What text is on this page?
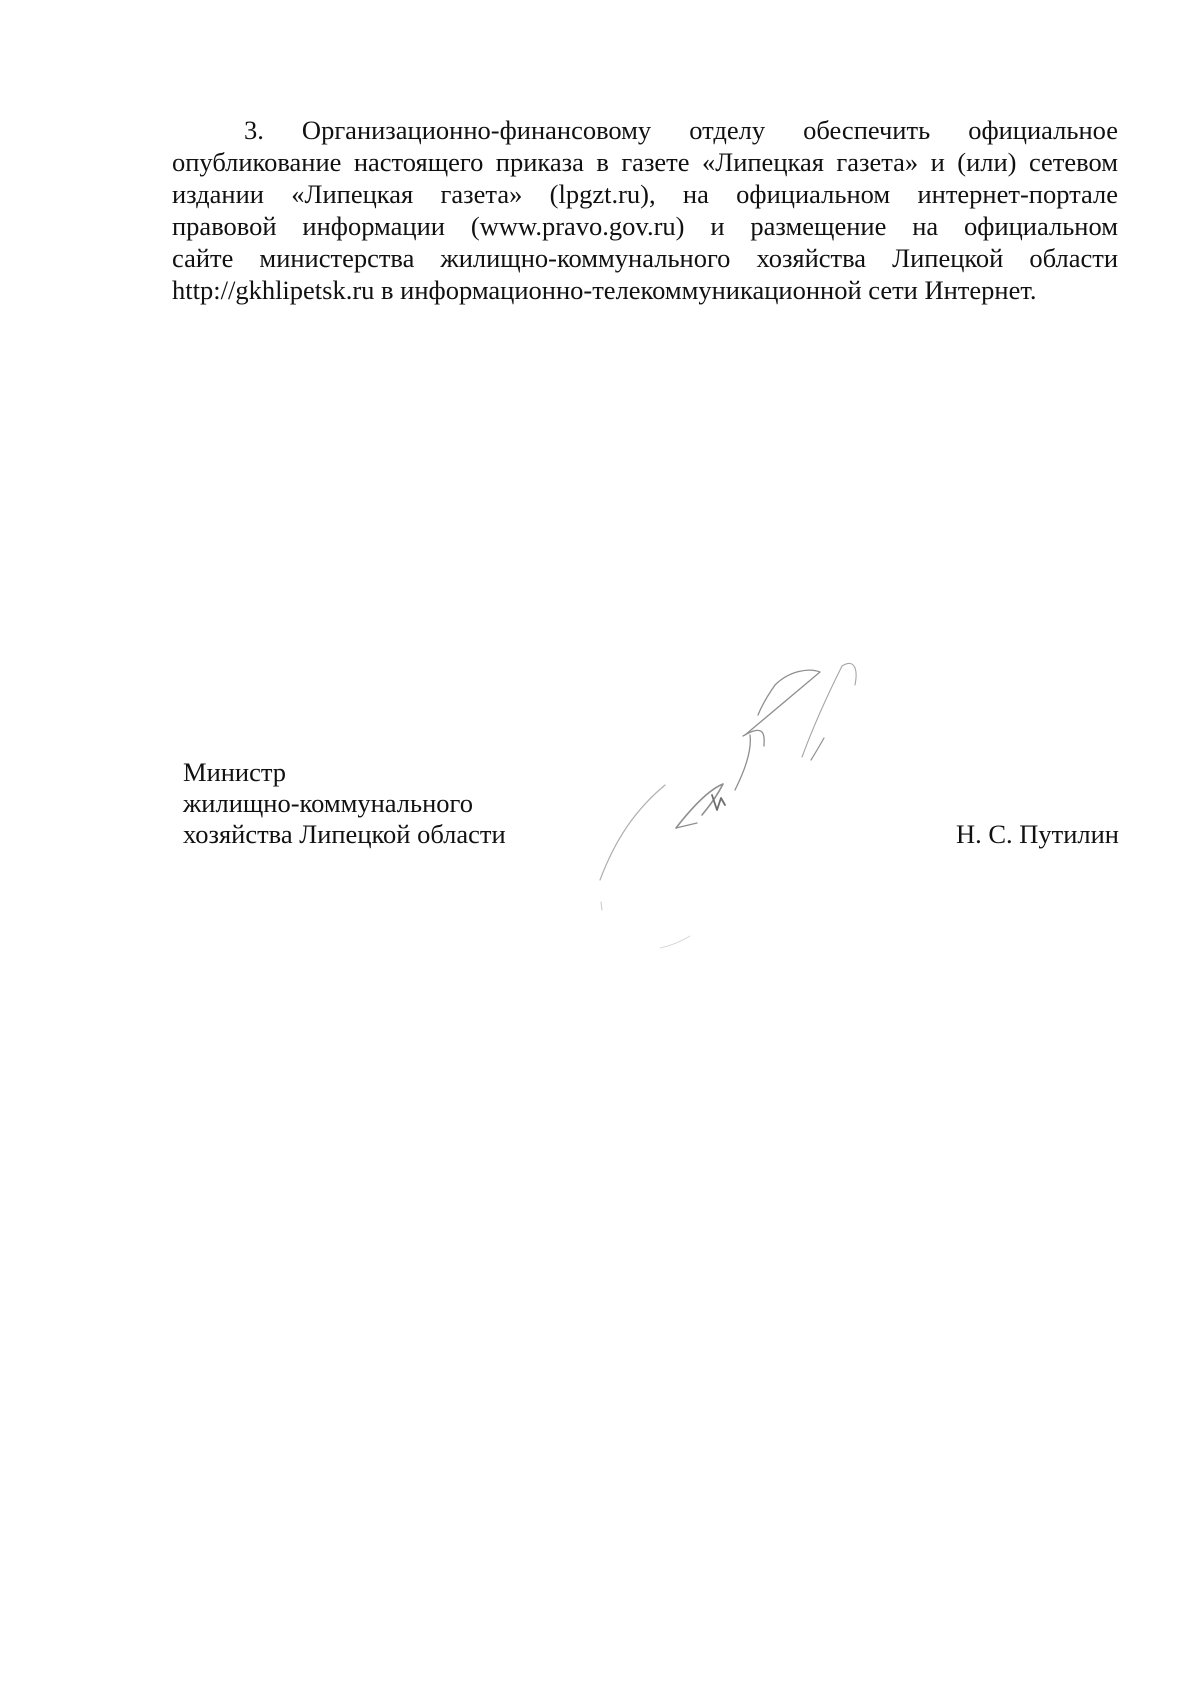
3. Организационно-финансовому отделу обеспечить официальное
опубликование настоящего приказа в газете «Липецкая газета» и (или) сетевом
издании «Липецкая газета» (lpgzt.ru), на официальном интернет-портале
правовой информации (www.pravo.gov.ru) и размещение на официальном
сайте министерства жилищно-коммунального хозяйства Липецкой области
http://gkhlipetsk.ru в информационно-телекоммуникационной сети Интернет.
Министр
жилищно-коммунального
хозяйства Липецкой области	Н. С. Путилин
